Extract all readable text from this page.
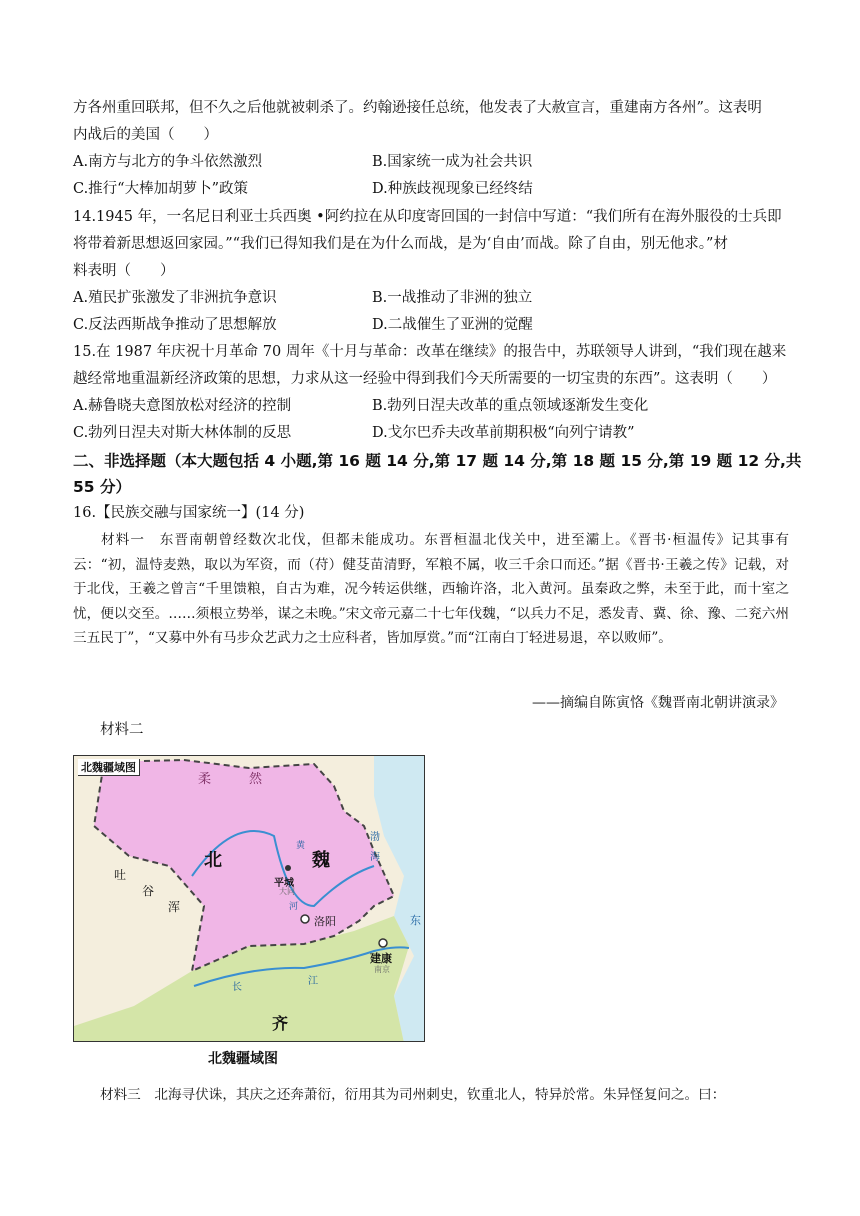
方各州重回联邦，但不久之后他就被刺杀了。约翰逊接任总统，他发表了大赦宣言，重建南方各州”。这表明
内战后的美国（　　）
A.南方与北方的争斗依然激烈	B.国家统一成为社会共识
C.推行“大棒加胡萝卜”政策	D.种族歧视现象已经终结
14.1945 年，一名尼日利亚士兵西奥 •阿约拉在从印度寄回国的一封信中写道：“我们所有在海外服役的士兵即
将带着新思想返回家园。”“我们已得知我们是在为什么而战，是为‘自由’而战。除了自由，别无他求。”材
料表明（　　）
A.殖民扩张激发了非洲抗争意识	B.一战推动了非洲的独立
C.反法西斯战争推动了思想解放	D.二战催生了亚洲的觉醒
15.在 1987 年庆祝十月革命 70 周年《十月与革命：改革在继续》的报告中，苏联领导人讲到，“我们现在越来
越经常地重温新经济政策的思想，力求从这一经验中得到我们今天所需要的一切宝贵的东西”。这表明（　　）
A.赫鲁晓夫意图放松对经济的控制	B.勃列日涅夫改革的重点领域逐渐发生变化
C.勃列日涅夫对斯大林体制的反思	D.戈尔巴乔夫改革前期积极“向列宁请教”
二、非选择题（本大题包括 4 小题,第 16 题 14 分,第 17 题 14 分,第 18 题 15 分,第 19 题 12 分,共
55 分）
16.【民族交融与国家统一】(14 分)

材料一　东晋南朝曾经数次北伐，但都未能成功。东晋桓温北伐关中，进至灞上。《晋书·桓温传》记其事有云：“初，温恃麦熟，取以为军资，而（苻）健芟苗清野，军粮不属，收三千余口而还。”据《晋书·王羲之传》记载，对于北伐，王羲之曾言“千里馈粮，自古为难，况今转运供继，西输许洛，北入黄河。虽秦政之弊，未至于此，而十室之忧，便以交至。……须根立势举，谋之未晚。”宋文帝元嘉二十七年伐魏，“以兵力不足，悉发青、冀、徐、豫、二兖六州三五民丁”，“又募中外有马步众艺武力之士应科者，皆加厚赏。”而“江南白丁轻进易退，卒以败师”。

——摘编自陈寅恪《魏晋南北朝讲演录》
材料二
北魏疆域图
柔	然
北	魏
平城
大同
洛阳
建康
南京
吐
谷
浑
齐
黄
河
渤
海
东
江
长
北魏疆域图
材料三　北海寻伏诛，其庆之还奔萧衍，衍用其为司州刺史，钦重北人，特异於常。朱异怪复问之。曰：
